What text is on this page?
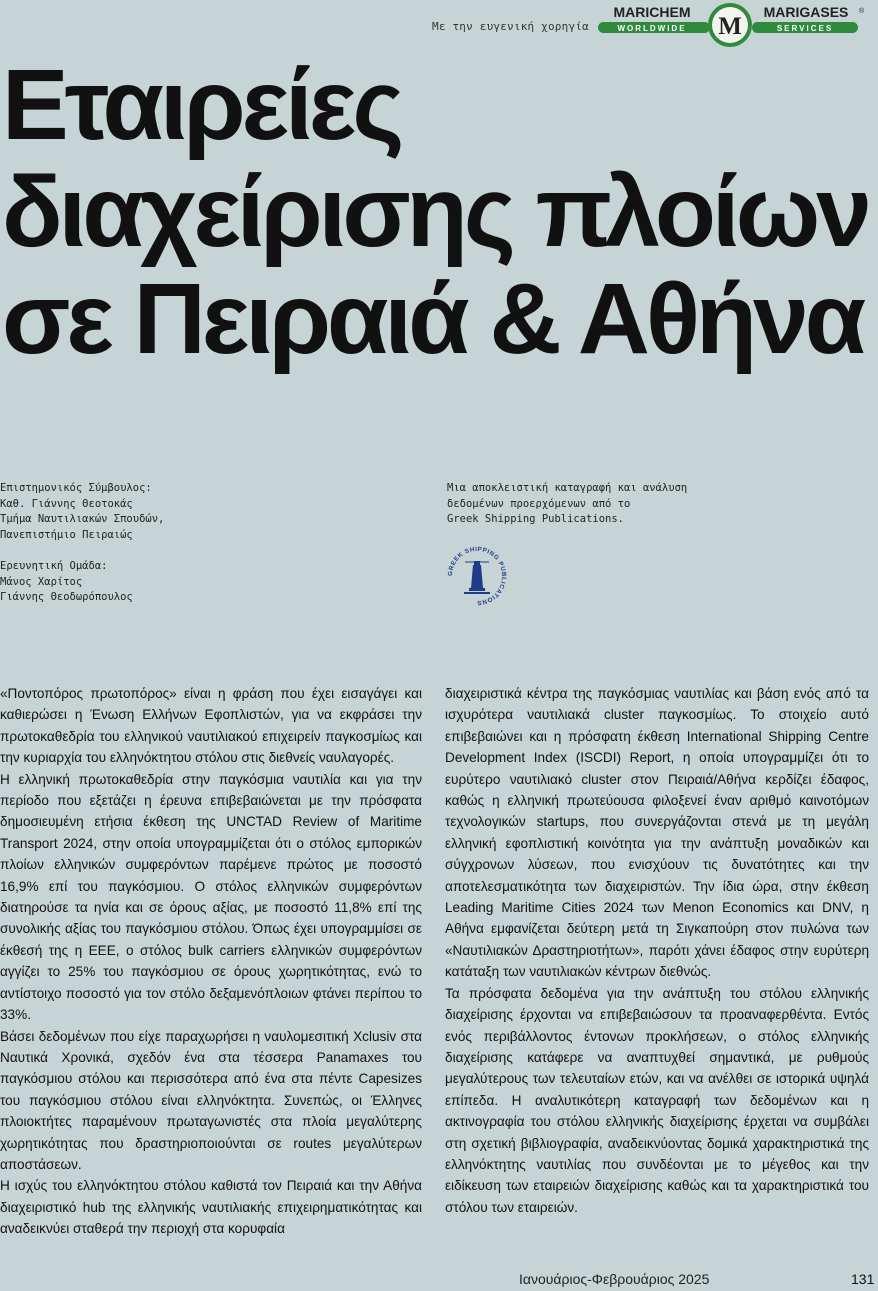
Με την ευγενική χορηγία
MARICHEM
WORLDWIDE M
MARIGASES
SERVICES
®
Εταιρείες
διαχείρισης πλοίων
σε Πειραιά & Αθήνα
Επιστημονικός Σύμβουλος:
Καθ. Γιάννης Θεοτοκάς
Τμήμα Ναυτιλιακών Σπουδών,
Πανεπιστήμιο Πειραιώς
Ερευνητική Ομάδα:
Μάνος Χαρίτος
Γιάννης Θεοδωρόπουλος
Μια αποκλειστική καταγραφή και ανάλυση
δεδομένων προερχόμενων από το
Greek Shipping Publications.
GREEK SHIPPING PUBLICATIONS

«Ποντοπόρος πρωτοπόρος» είναι η φράση που έχει εισαγάγει και καθιερώσει η Ένωση Ελλήνων Εφοπλιστών, για να εκφράσει την πρωτοκαθεδρία του ελληνικού ναυτιλιακού επιχειρείν παγκοσμίως και την κυριαρχία του ελληνόκτητου στόλου στις διεθνείς ναυλαγορές.

Η ελληνική πρωτοκαθεδρία στην παγκόσμια ναυτιλία και για την περίοδο που εξετάζει η έρευνα επιβεβαιώνεται με την πρόσφατα δημοσιευμένη ετήσια έκθεση της UNCTAD Review of Maritime Transport 2024, στην οποία υπογραμμίζεται ότι ο στόλος εμπορικών πλοίων ελληνικών συμφερόντων παρέμενε πρώτος με ποσοστό 16,9% επί του παγκόσμιου. Ο στόλος ελληνικών συμφερόντων διατηρούσε τα ηνία και σε όρους αξίας, με ποσοστό 11,8% επί της συνολικής αξίας του παγκόσμιου στόλου. Όπως έχει υπογραμμίσει σε έκθεσή της η ΕΕΕ, ο στόλος bulk carriers ελληνικών συμφερόντων αγγίζει το 25% του παγκόσμιου σε όρους χωρητικότητας, ενώ το αντίστοιχο ποσοστό για τον στόλο δεξαμενόπλοιων φτάνει περίπου το 33%.

Βάσει δεδομένων που είχε παραχωρήσει η ναυλομεσιτική Xclusiv στα Ναυτικά Χρονικά, σχεδόν ένα στα τέσσερα Panamaxes του παγκόσμιου στόλου και περισσότερα από ένα στα πέντε Capesizes του παγκόσμιου στόλου είναι ελληνόκτητα. Συνεπώς, οι Έλληνες πλοιοκτήτες παραμένουν πρωταγωνιστές στα πλοία μεγαλύτερης χωρητικότητας που δραστηριοποιούνται σε routes μεγαλύτερων αποστάσεων.

Η ισχύς του ελληνόκτητου στόλου καθιστά τον Πειραιά και την Αθήνα διαχειριστικό hub της ελληνικής ναυτιλιακής επιχειρηματικότητας και αναδεικνύει σταθερά την περιοχή στα κορυφαία

διαχειριστικά κέντρα της παγκόσμιας ναυτιλίας και βάση ενός από τα ισχυρότερα ναυτιλιακά cluster παγκοσμίως. Το στοιχείο αυτό επιβεβαιώνει και η πρόσφατη έκθεση International Shipping Centre Development Index (ISCDI) Report, η οποία υπογραμμίζει ότι το ευρύτερο ναυτιλιακό cluster στον Πειραιά/Αθήνα κερδίζει έδαφος, καθώς η ελληνική πρωτεύουσα φιλοξενεί έναν αριθμό καινοτόμων τεχνολογικών startups, που συνεργάζονται στενά με τη μεγάλη ελληνική εφοπλιστική κοινότητα για την ανάπτυξη μοναδικών και σύγχρονων λύσεων, που ενισχύουν τις δυνατότητες και την αποτελεσματικότητα των διαχειριστών. Την ίδια ώρα, στην έκθεση Leading Maritime Cities 2024 των Menon Economics και DNV, η Αθήνα εμφανίζεται δεύτερη μετά τη Σιγκαπούρη στον πυλώνα των «Ναυτιλιακών Δραστηριοτήτων», παρότι χάνει έδαφος στην ευρύτερη κατάταξη των ναυτιλιακών κέντρων διεθνώς.

Τα πρόσφατα δεδομένα για την ανάπτυξη του στόλου ελληνικής διαχείρισης έρχονται να επιβεβαιώσουν τα προαναφερθέντα. Εντός ενός περιβάλλοντος έντονων προκλήσεων, ο στόλος ελληνικής διαχείρισης κατάφερε να αναπτυχθεί σημαντικά, με ρυθμούς μεγαλύτερους των τελευταίων ετών, και να ανέλθει σε ιστορικά υψηλά επίπεδα. Η αναλυτικότερη καταγραφή των δεδομένων και η ακτινογραφία του στόλου ελληνικής διαχείρισης έρχεται να συμβάλει στη σχετική βιβλιογραφία, αναδεικνύοντας δομικά χαρακτηριστικά της ελληνόκτητης ναυτιλίας που συνδέονται με το μέγεθος και την ειδίκευση των εταιρειών διαχείρισης καθώς και τα χαρακτηριστικά του στόλου των εταιρειών.

Ιανουάριος-Φεβρουάριος 2025	131
